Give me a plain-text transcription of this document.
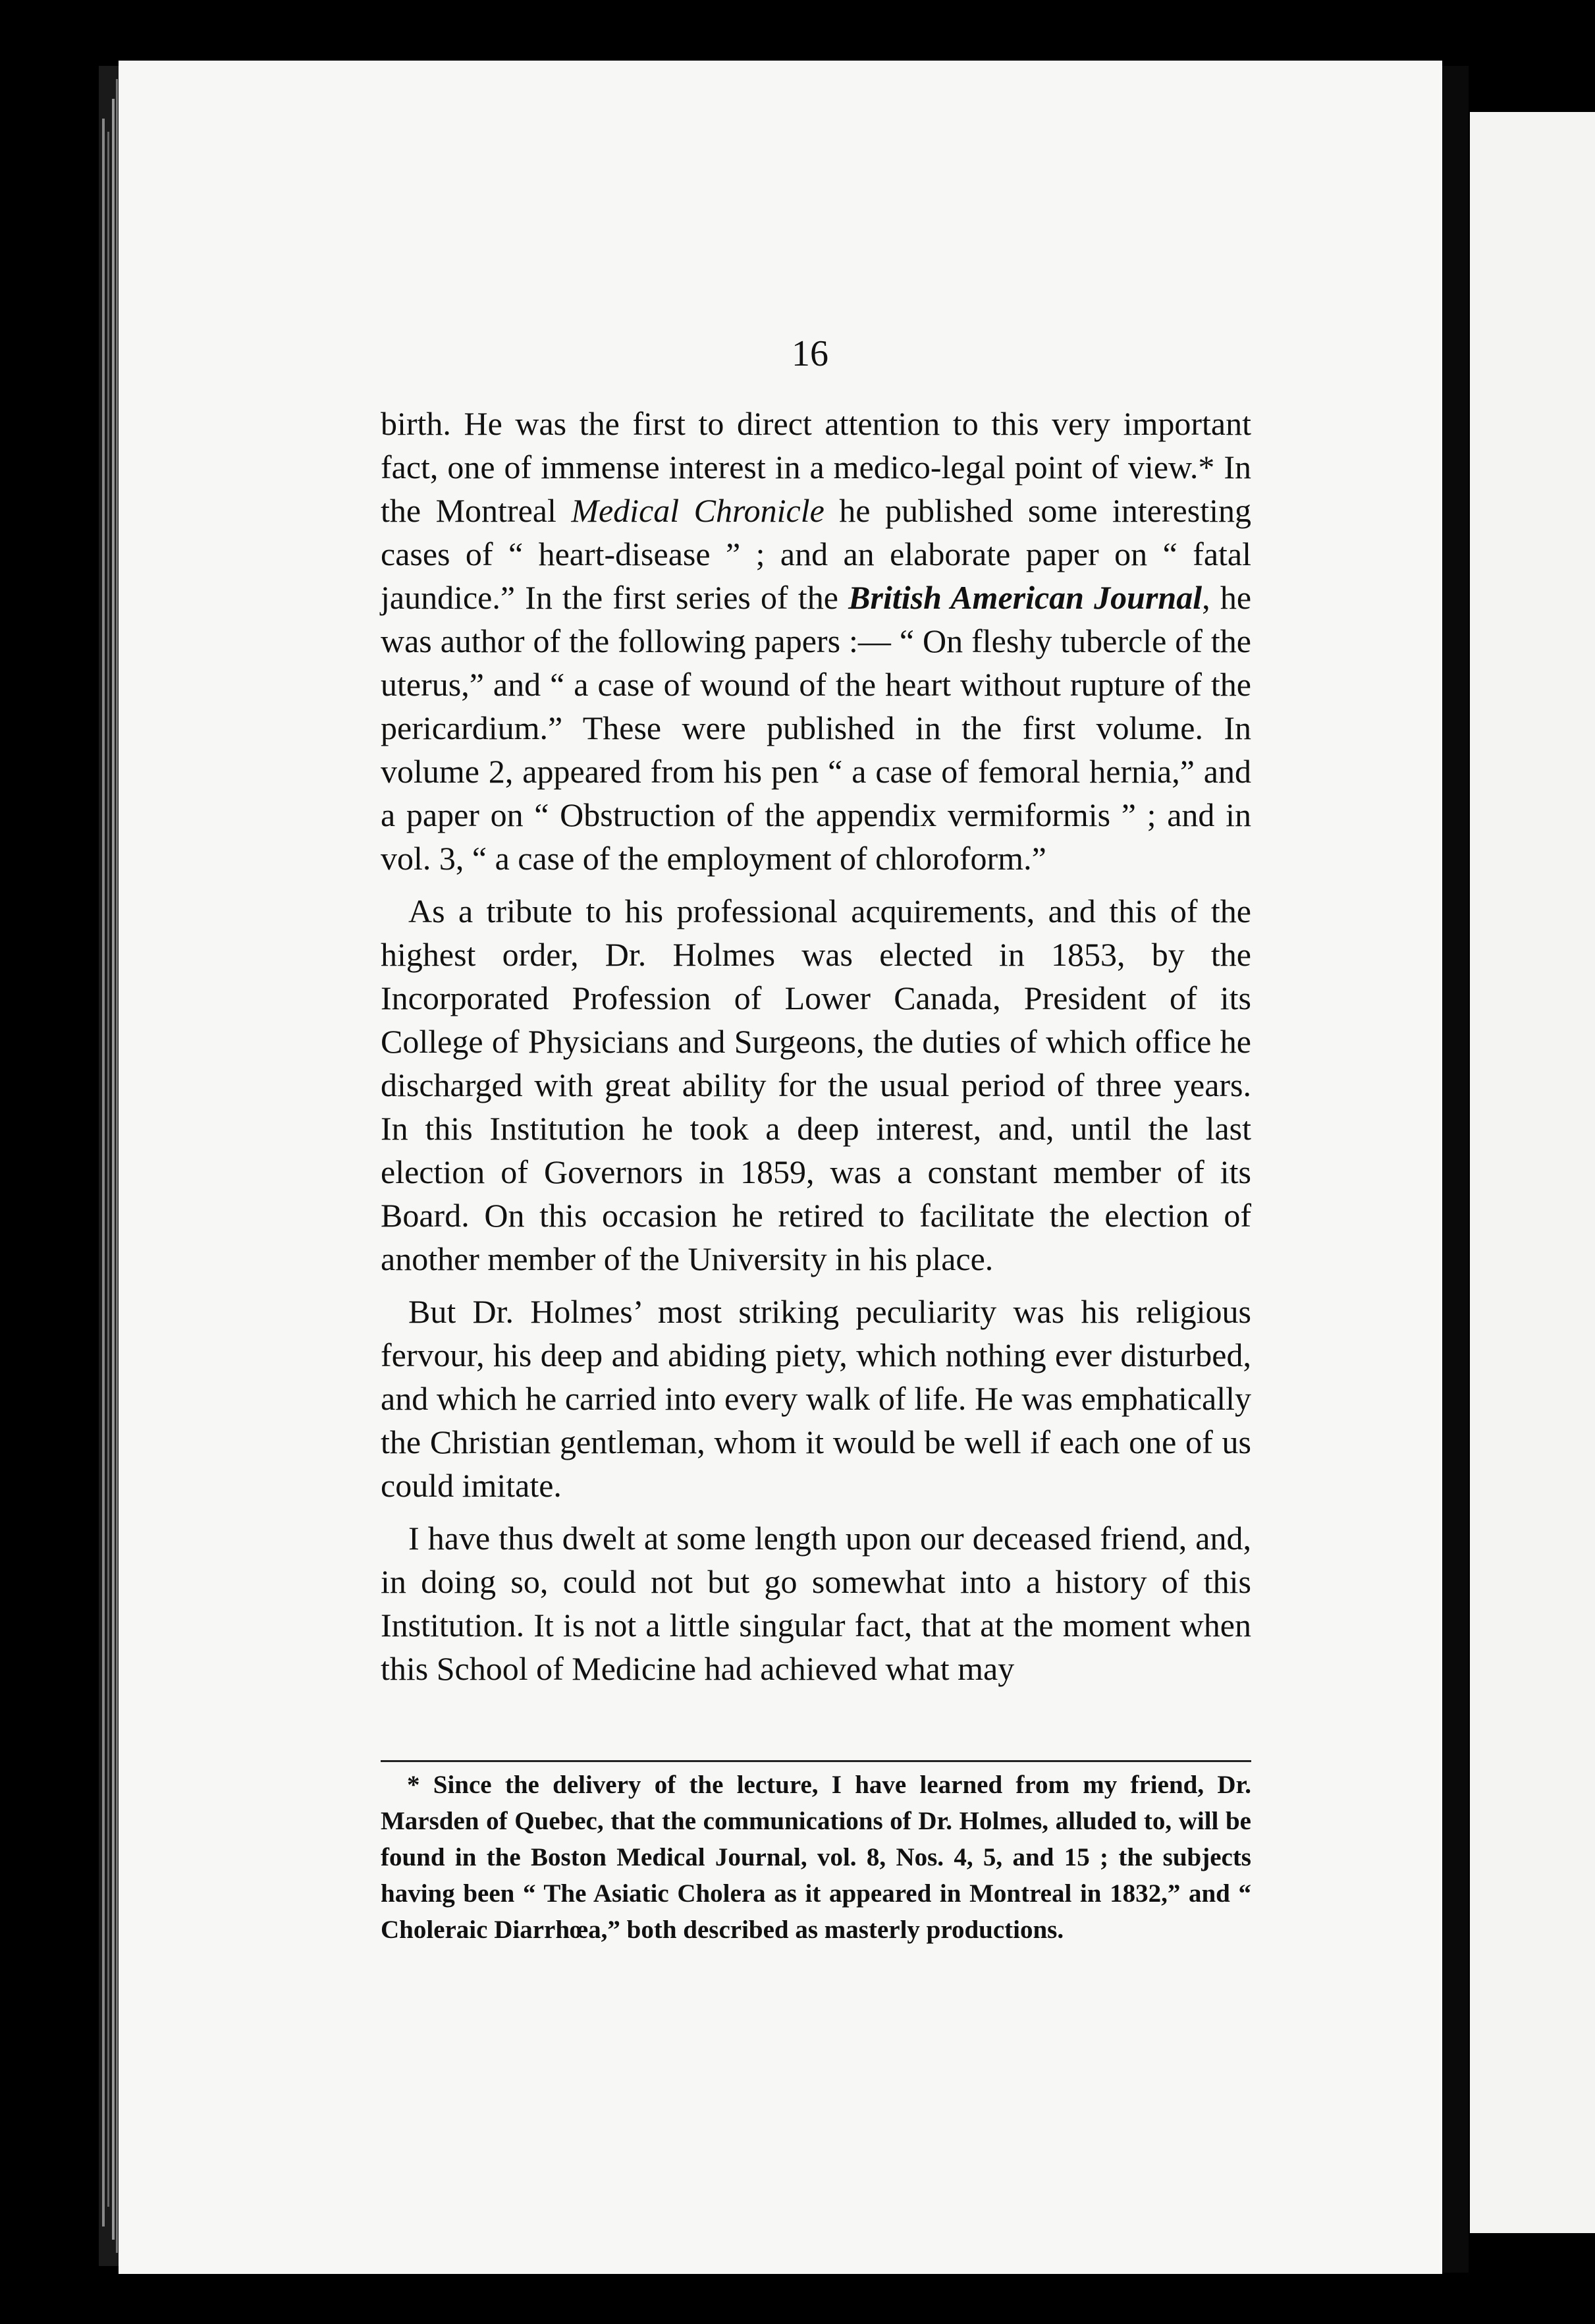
16

birth. He was the first to direct attention to this very important fact, one of immense interest in a medico-legal point of view.* In the Montreal Medical Chronicle he published some interesting cases of “ heart-disease ” ; and an elaborate paper on “ fatal jaundice.” In the first series of the British American Journal, he was author of the following papers :— “ On fleshy tubercle of the uterus,” and “ a case of wound of the heart without rupture of the pericardium.” These were published in the first volume. In volume 2, appeared from his pen “ a case of femoral hernia,” and a paper on “ Obstruction of the appendix vermiformis ” ; and in vol. 3, “ a case of the employment of chloroform.”

As a tribute to his professional acquirements, and this of the highest order, Dr. Holmes was elected in 1853, by the Incorporated Profession of Lower Canada, President of its College of Physicians and Surgeons, the duties of which office he discharged with great ability for the usual period of three years. In this Institution he took a deep interest, and, until the last election of Governors in 1859, was a constant member of its Board. On this occasion he retired to facilitate the election of another member of the University in his place.

But Dr. Holmes’ most striking peculiarity was his religious fervour, his deep and abiding piety, which nothing ever disturbed, and which he carried into every walk of life. He was emphatically the Christian gentleman, whom it would be well if each one of us could imitate.

I have thus dwelt at some length upon our deceased friend, and, in doing so, could not but go somewhat into a history of this Institution. It is not a little singular fact, that at the moment when this School of Medicine had achieved what may

* Since the delivery of the lecture, I have learned from my friend, Dr. Marsden of Quebec, that the communications of Dr. Holmes, alluded to, will be found in the Boston Medical Journal, vol. 8, Nos. 4, 5, and 15 ; the subjects having been “ The Asiatic Cholera as it appeared in Montreal in 1832,” and “ Choleraic Diarrhœa,” both described as masterly productions.
